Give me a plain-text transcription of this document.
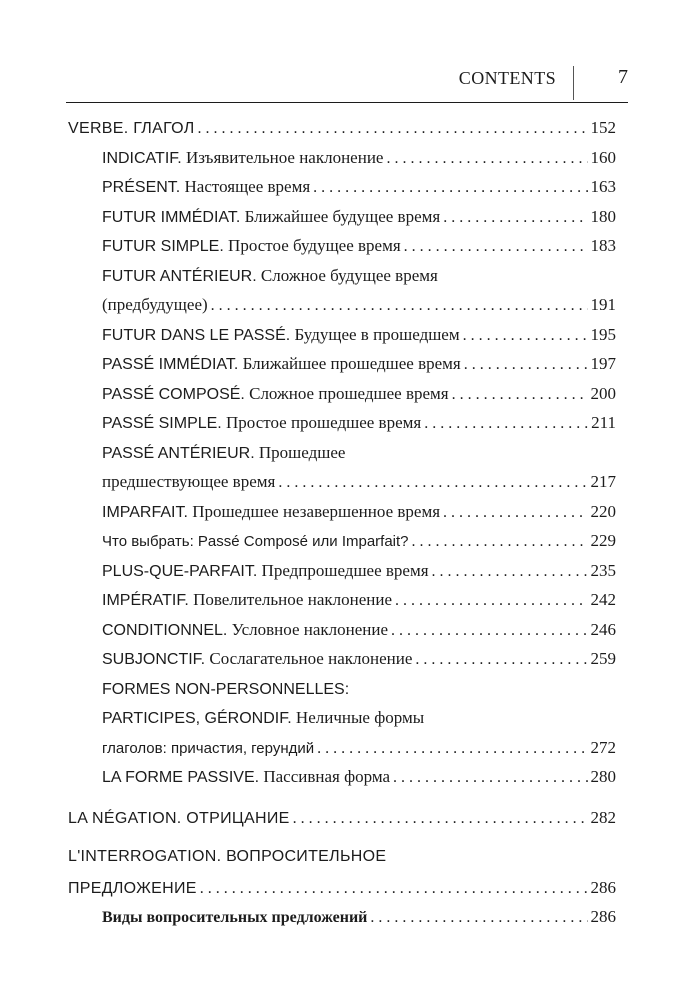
CONTENTS	7
VERBE. ГЛАГОЛ . . .	152
INDICATIF. Изъявительное наклонение . . .	160
PRÉSENT. Настоящее время . . .	163
FUTUR IMMÉDIAT. Ближайшее будущее время . . .	180
FUTUR SIMPLE. Простое будущее время . . .	183
FUTUR ANTÉRIEUR. Сложное будущее время
(предбудущее) . . .	191
FUTUR DANS LE PASSÉ. Будущее в прошедшем . . .	195
PASSÉ IMMÉDIAT. Ближайшее прошедшее время . . .	197
PASSÉ COMPOSÉ. Сложное прошедшее время . . .	200
PASSÉ SIMPLE. Простое прошедшее время . . .	211
PASSÉ ANTÉRIEUR. Прошедшее
предшествующее время . . .	217
IMPARFAIT. Прошедшее незавершенное время . . .	220
Что выбрать: Passé Composé или Imparfait? . . .	229
PLUS-QUE-PARFAIT. Предпрошедшее время . . .	235
IMPÉRATIF. Повелительное наклонение . . .	242
CONDITIONNEL. Условное наклонение . . .	246
SUBJONCTIF. Сослагательное наклонение . . .	259
FORMES NON-PERSONNELLES:
PARTICIPES, GÉRONDIF. Неличные формы
глаголов: причастия, герундий . . .	272
LA FORME PASSIVE. Пассивная форма . . .	280
LA NÉGATION. ОТРИЦАНИЕ . . .	282
L'INTERROGATION. ВОПРОСИТЕЛЬНОЕ
ПРЕДЛОЖЕНИЕ . . .	286
Виды вопросительных предложений . . .	286
